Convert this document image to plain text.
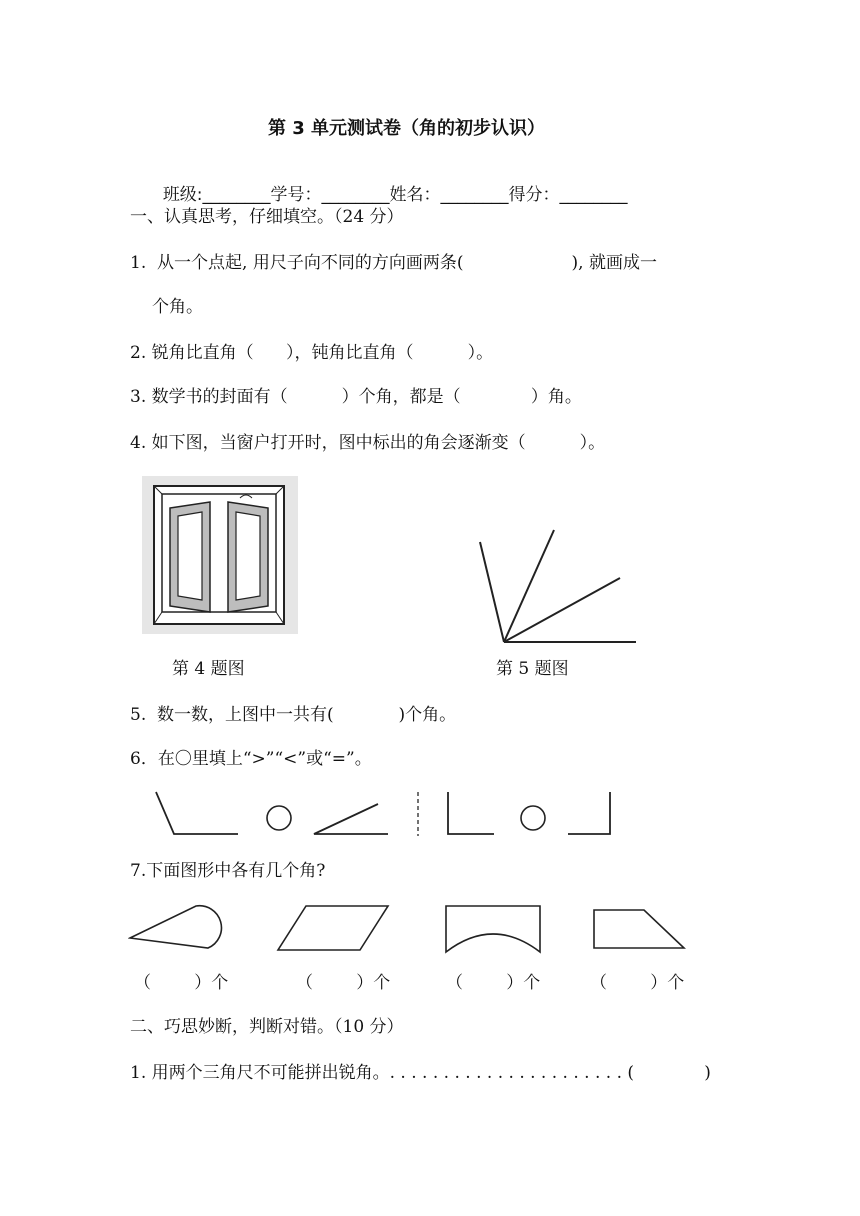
第 3 单元测试卷（角的初步认识）

班级:________学号：________姓名：________得分：________

一、认真思考，仔细填空。（24 分）
1.  从一个点起, 用尺子向不同的方向画两条(                    ), 就画成一
个角。
2. 锐角比直角（      ），钝角比直角（          ）。
3. 数学书的封面有（          ）个角，都是（             ）角。
4. 如下图，当窗户打开时，图中标出的角会逐渐变（          ）。
第 4 题图	第 5 题图
5.  数一数，上图中一共有(            )个角。
6．在〇里填上“>”“<”或“=”。
7.下面图形中各有几个角?
（        ）个	（        ）个	（        ）个	（        ）个
二、巧思妙断，判断对错。（10 分）
1. 用两个三角尺不可能拼出锐角。. . . . . . . . . . . . . . . . . . . . . . (             )
